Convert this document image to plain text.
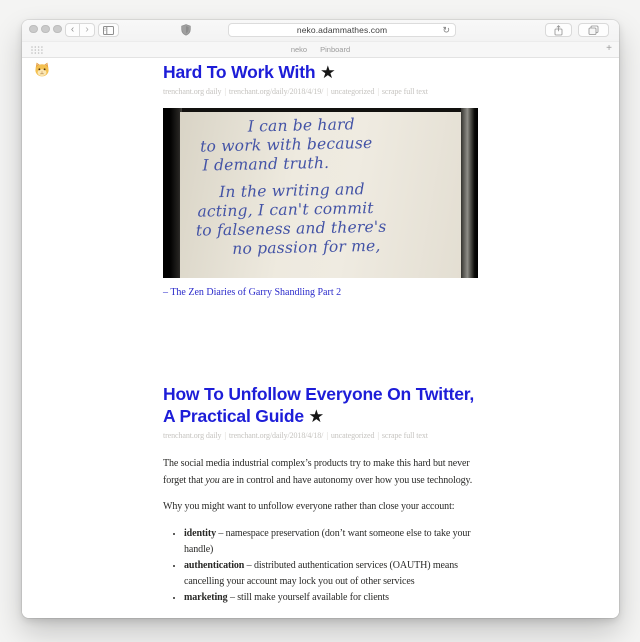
‹ ›	neko.adammathes.com	↻
neko Pinboard	+
Hard To Work With ★
trenchant.org daily | trenchant.org/daily/2018/4/19/ | uncategorized | scrape full text
I can be hard
to work with because
I demand truth.
In the writing and
acting, I can't commit
to falseness and there's
no passion for me,
– The Zen Diaries of Garry Shandling Part 2
How To Unfollow Everyone On Twitter,
A Practical Guide ★
trenchant.org daily | trenchant.org/daily/2018/4/18/ | uncategorized | scrape full text

The social media industrial complex’s products try to make this hard but never forget that you are in control and have autonomy over how you use technology.

Why you might want to unfollow everyone rather than close your account:

• identity – namespace preservation (don’t want someone else to take your handle)
• authentication – distributed authentication services (OAUTH) means cancelling your account may lock you out of other services
• marketing – still make yourself available for clients
